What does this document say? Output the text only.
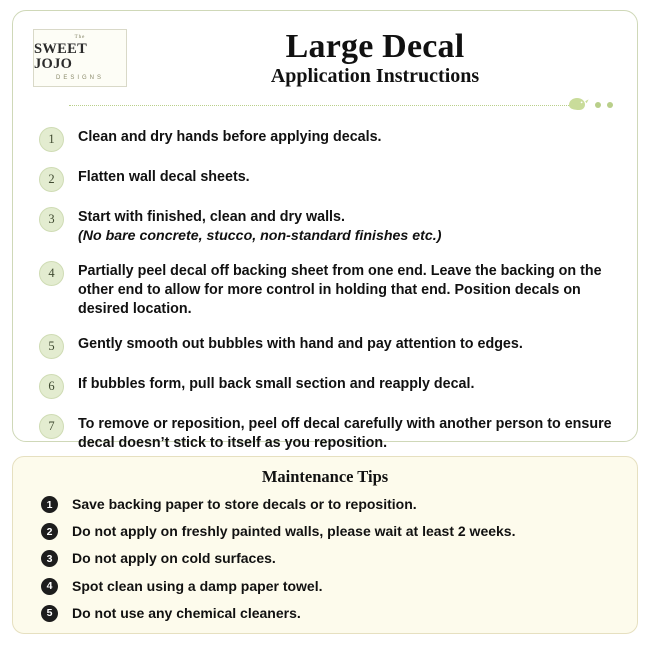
The
SWEET JOJO
DESIGNS
Large Decal
Application Instructions
1	Clean and dry hands before applying decals.
2	Flatten wall decal sheets.
3	Start with finished, clean and dry walls.
(No bare concrete, stucco, non-standard finishes etc.)
4	Partially peel decal off backing sheet from one end. Leave the backing on the other end to allow for more control in holding that end. Position decals on desired location.
5	Gently smooth out bubbles with hand and pay attention to edges.
6	If bubbles form, pull back small section and reapply decal.
7	To remove or reposition, peel off decal carefully with another person to ensure decal doesn’t stick to itself as you reposition.
Maintenance Tips
1	Save backing paper to store decals or to reposition.
2	Do not apply on freshly painted walls, please wait at least 2 weeks.
3	Do not apply on cold surfaces.
4	Spot clean using a damp paper towel.
5	Do not use any chemical cleaners.
